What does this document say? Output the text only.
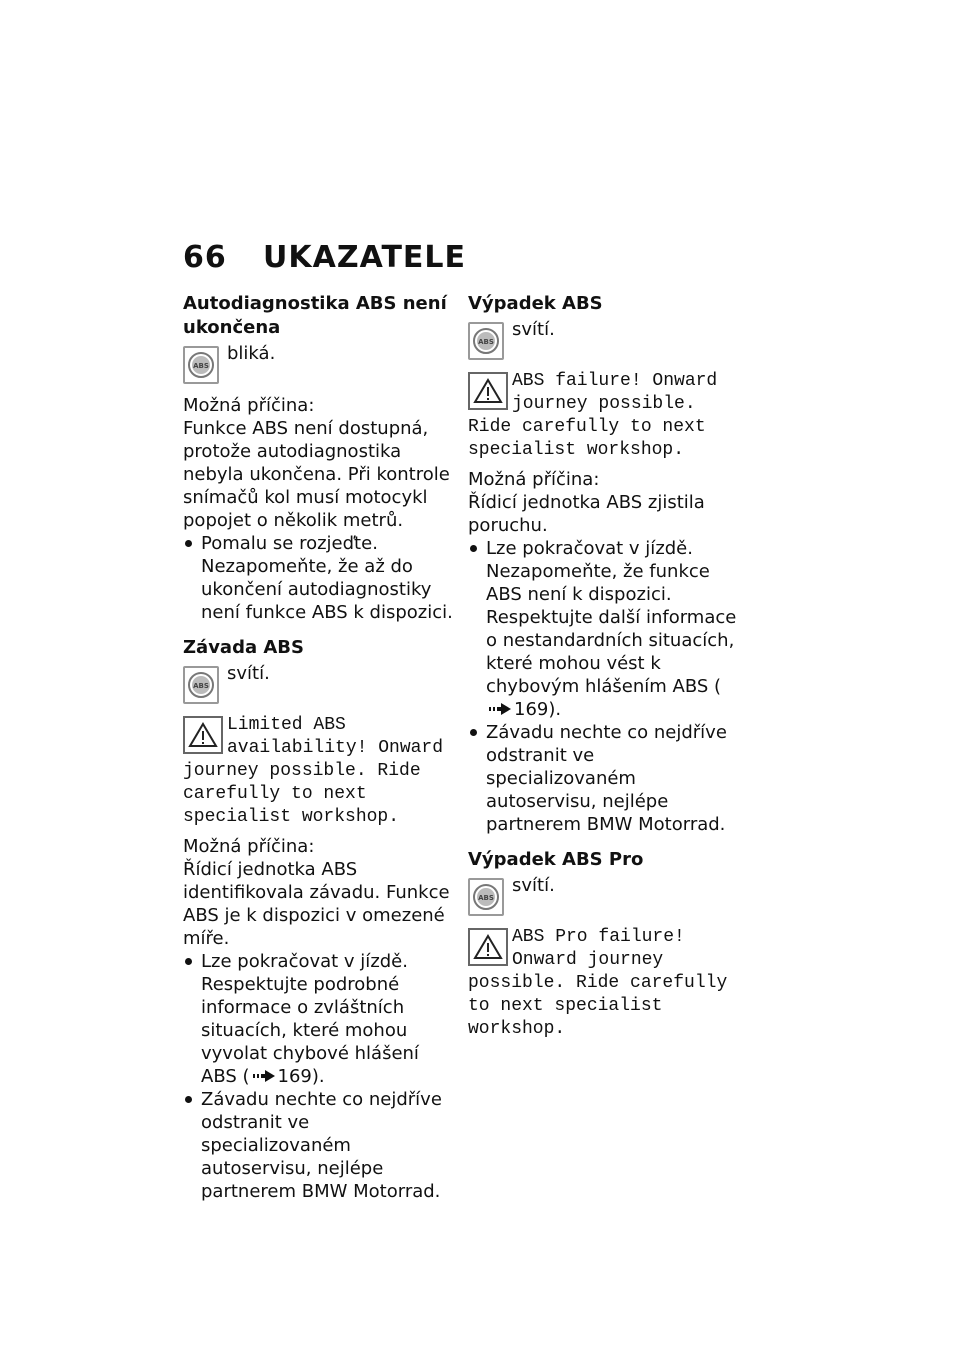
66 UKAZATELE
Autodiagnostika ABS není ukončena
ABS
bliká.

Možná příčina:

Funkce ABS není dostupná, protože autodiagnostika nebyla ukončena. Při kontrole snímačů kol musí motocykl popojet o několik metrů.

Pomalu se rozjeďte. Nezapomeňte, že až do ukončení autodiagnostiky není funkce ABS k dispozici.
Závada ABS
ABS
svítí.
Limited ABS availability! Onward journey possible. Ride carefully to next specialist workshop.

Možná příčina:

Řídicí jednotka ABS identifikovala závadu. Funkce ABS je k dispozici v omezené míře.

Lze pokračovat v jízdě. Respektujte podrobné informace o zvláštních situacích, které mohou vyvolat chybové hlášení ABS ( 169).
Závadu nechte co nejdříve odstranit ve specializovaném autoservisu, nejlépe partnerem BMW Motorrad.
Výpadek ABS
ABS
svítí.
ABS failure! Onward journey possible. Ride carefully to next specialist workshop.

Možná příčina:

Řídicí jednotka ABS zjistila poruchu.

Lze pokračovat v jízdě. Nezapomeňte, že funkce ABS není k dispozici. Respektujte další informace o nestandardních situacích, které mohou vést k chybovým hlášením ABS (169).
Závadu nechte co nejdříve odstranit ve specializovaném autoservisu, nejlépe partnerem BMW Motorrad.
Výpadek ABS Pro
ABS
svítí.
ABS Pro failure! Onward journey possible. Ride carefully to next specialist workshop.
